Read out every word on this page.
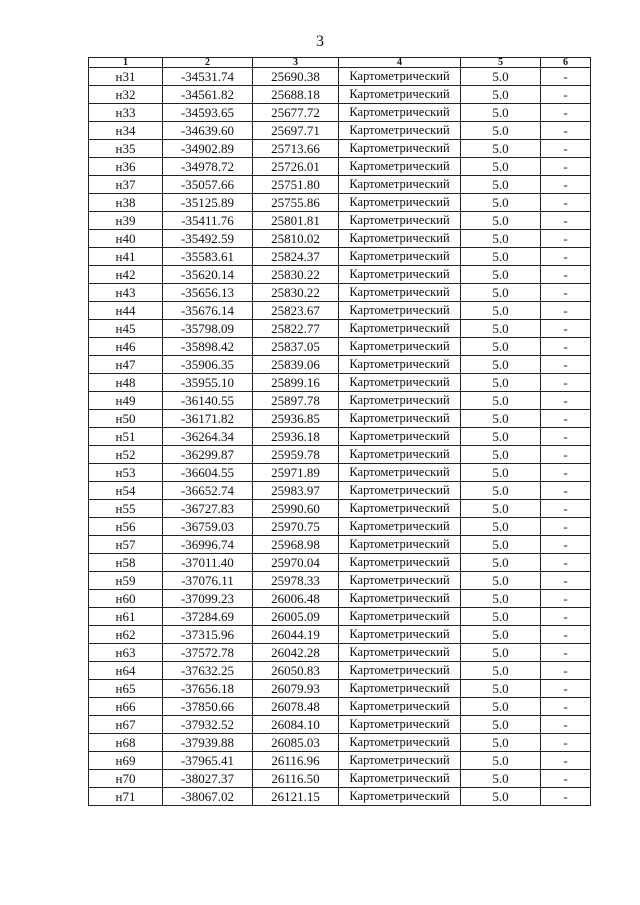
3
1	2	3	4	5	6
н31	-34531.74	25690.38	Картометрический	5.0	-
н32	-34561.82	25688.18	Картометрический	5.0	-
н33	-34593.65	25677.72	Картометрический	5.0	-
н34	-34639.60	25697.71	Картометрический	5.0	-
н35	-34902.89	25713.66	Картометрический	5.0	-
н36	-34978.72	25726.01	Картометрический	5.0	-
н37	-35057.66	25751.80	Картометрический	5.0	-
н38	-35125.89	25755.86	Картометрический	5.0	-
н39	-35411.76	25801.81	Картометрический	5.0	-
н40	-35492.59	25810.02	Картометрический	5.0	-
н41	-35583.61	25824.37	Картометрический	5.0	-
н42	-35620.14	25830.22	Картометрический	5.0	-
н43	-35656.13	25830.22	Картометрический	5.0	-
н44	-35676.14	25823.67	Картометрический	5.0	-
н45	-35798.09	25822.77	Картометрический	5.0	-
н46	-35898.42	25837.05	Картометрический	5.0	-
н47	-35906.35	25839.06	Картометрический	5.0	-
н48	-35955.10	25899.16	Картометрический	5.0	-
н49	-36140.55	25897.78	Картометрический	5.0	-
н50	-36171.82	25936.85	Картометрический	5.0	-
н51	-36264.34	25936.18	Картометрический	5.0	-
н52	-36299.87	25959.78	Картометрический	5.0	-
н53	-36604.55	25971.89	Картометрический	5.0	-
н54	-36652.74	25983.97	Картометрический	5.0	-
н55	-36727.83	25990.60	Картометрический	5.0	-
н56	-36759.03	25970.75	Картометрический	5.0	-
н57	-36996.74	25968.98	Картометрический	5.0	-
н58	-37011.40	25970.04	Картометрический	5.0	-
н59	-37076.11	25978.33	Картометрический	5.0	-
н60	-37099.23	26006.48	Картометрический	5.0	-
н61	-37284.69	26005.09	Картометрический	5.0	-
н62	-37315.96	26044.19	Картометрический	5.0	-
н63	-37572.78	26042.28	Картометрический	5.0	-
н64	-37632.25	26050.83	Картометрический	5.0	-
н65	-37656.18	26079.93	Картометрический	5.0	-
н66	-37850.66	26078.48	Картометрический	5.0	-
н67	-37932.52	26084.10	Картометрический	5.0	-
н68	-37939.88	26085.03	Картометрический	5.0	-
н69	-37965.41	26116.96	Картометрический	5.0	-
н70	-38027.37	26116.50	Картометрический	5.0	-
н71	-38067.02	26121.15	Картометрический	5.0	-
